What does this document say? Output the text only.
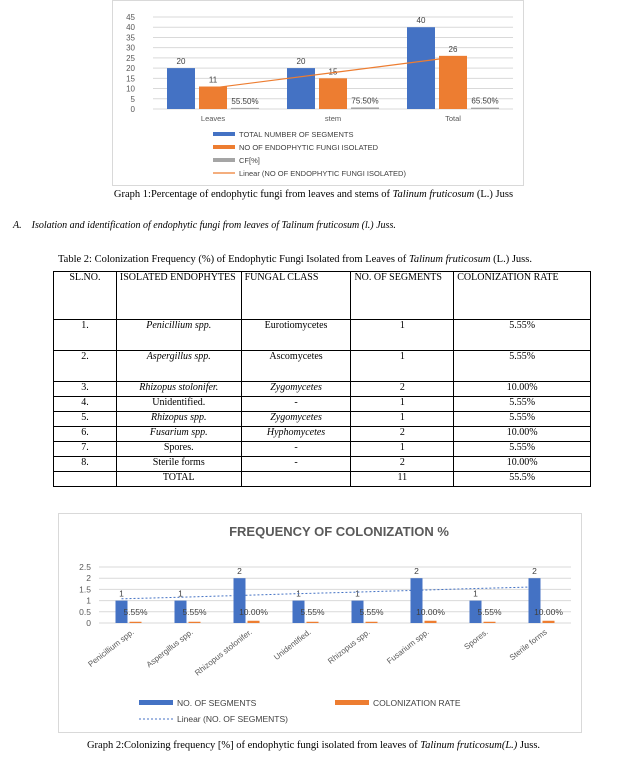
0
5
10
15
20
25
30
35
40
45
20
11
55.50%
Leaves
20
15
75.50%
stem
40
26
65.50%
Total
TOTAL NUMBER OF SEGMENTS
NO OF ENDOPHYTIC FUNGI ISOLATED
CF[%]
Linear (NO OF ENDOPHYTIC FUNGI ISOLATED)
Graph 1:Percentage of endophytic fungi from leaves and stems of Talinum fruticosum (L.) Juss
A. Isolation and identification of endophytic fungi from leaves of Talinum fruticosum (l.) Juss.
Table 2: Colonization Frequency (%) of Endophytic Fungi Isolated from Leaves of Talinum fruticosum (L.) Juss.
SL.NO.	ISOLATED ENDOPHYTES	FUNGAL CLASS	NO. OF SEGMENTS	COLONIZATION RATE
1.	Penicillium spp.	Eurotiomycetes	1	5.55%
2.	Aspergillus spp.	Ascomycetes	1	5.55%
3.	Rhizopus stolonifer.	Zygomycetes	2	10.00%
4.	Unidentified.	-	1	5.55%
5.	Rhizopus spp.	Zygomycetes	1	5.55%
6.	Fusarium spp.	Hyphomycetes	2	10.00%
7.	Spores.	-	1	5.55%
8.	Sterile forms	-	2	10.00%
	TOTAL		11	55.5%
FREQUENCY OF COLONIZATION %
0
0.5
1
1.5
2
2.5
1
5.55%
Penicillium spp.
1
5.55%
Aspergillus spp.
2
10.00%
Rhizopus stolonifer.
1
5.55%
Unidentified.
1
5.55%
Rhizopus spp.
2
10.00%
Fusarium spp.
1
5.55%
Spores.
2
10.00%
Sterile forms
NO. OF SEGMENTS	COLONIZATION RATE
Linear (NO. OF SEGMENTS)
Graph 2:Colonizing frequency [%] of endophytic fungi isolated from leaves of Talinum fruticosum(L.) Juss.
